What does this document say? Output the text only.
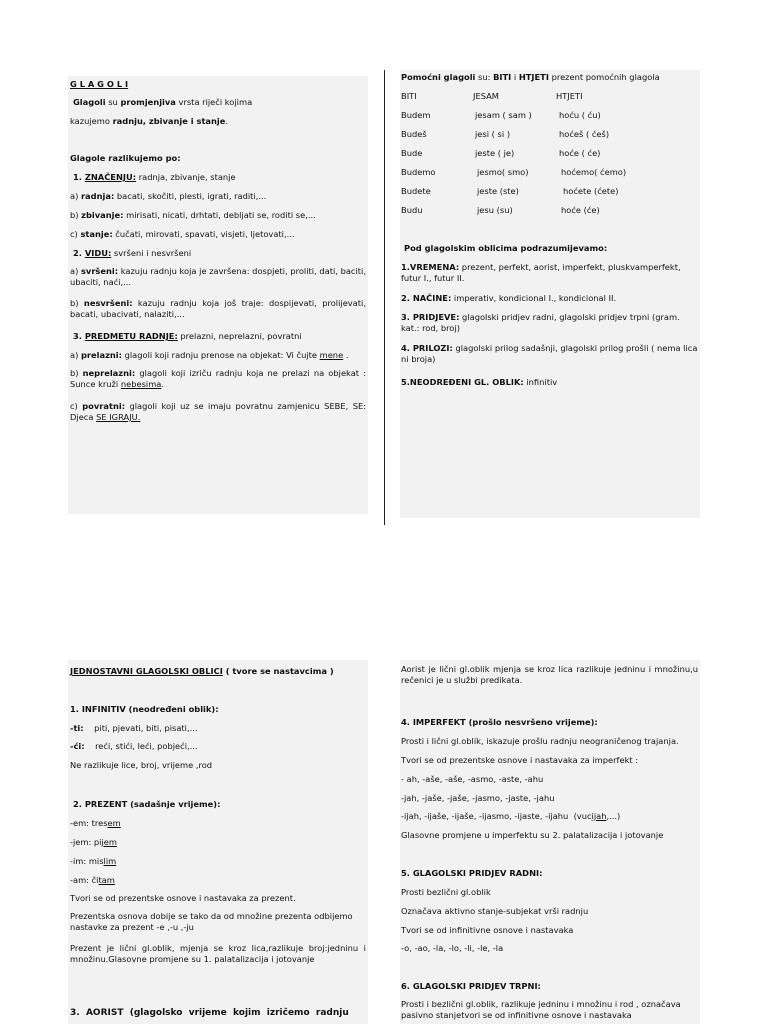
G L A G O L I
Glagoli su promjenjiva vrsta riječi kojima
kazujemo radnju, zbivanje i stanje.
Glagole razlikujemo po:
1. ZNAČENJU: radnja, zbivanje, stanje
a) radnja: bacati, skočiti, plesti, igrati, raditi,...
b) zbivanje: mirisati, nicati, drhtati, debljati se, roditi se,...
c) stanje: čučati, mirovati, spavati, visjeti, ljetovati,...
2. VIDU: svršeni i nesvršeni
a) svršeni: kazuju radnju koja je završena: dospjeti, proliti, dati, baciti, ubaciti, naći,...
b) nesvršeni: kazuju radnju koja još traje: dospijevati, prolijevati, bacati, ubacivati, nalaziti,...
3. PREDMETU RADNJE: prelazni, neprelazni, povratni
a) prelazni: glagoli koji radnju prenose na objekat: Vi čujte mene .
b) neprelazni: glagoli koji izriču radnju koja ne prelazi na objekat : Sunce kruži nebesima.
c) povratni: glagoli koji uz se imaju povratnu zamjenicu SEBE, SE: Djeca SE IGRAJU.
Pomoćni glagoli su: BITI i HTJETI prezent pomoćnih glagola
BITI	JESAM	HTJETI
Budem	jesam ( sam )	hoću ( ću)
Budeš	jesi ( si )	hoćeš ( ćeš)
Bude	jeste ( je)	hoće ( će)
Budemo	jesmo( smo)	hoćemo( ćemo)
Budete	jeste (ste)	hoćete (ćete)
Budu	jesu (su)	hoće (će)
Pod glagolskim oblicima podrazumijevamo:
1.VREMENA: prezent, perfekt, aorist, imperfekt, pluskvamperfekt, futur I., futur II.
2. NAČINE: imperativ, kondicional I., kondicional II.
3. PRIDJEVE: glagolski pridjev radni, glagolski pridjev trpni (gram. kat.: rod, broj)
4. PRILOZI: glagolski prilog sadašnji, glagolski prilog prošli ( nema lica ni broja)
5.NEODREĐENI GL. OBLIK: infinitiv
JEDNOSTAVNI GLAGOLSKI OBLICI ( tvore se nastavcima )
1. INFINITIV (neodređeni oblik):
-ti:    piti, pjevati, biti, pisati,...
-ći:    reći, stići, leći, pobjeći,...
Ne razlikuje lice, broj, vrijeme ,rod
2. PREZENT (sadašnje vrijeme):
-em: tresem
-jem: pijem
-im: mislim
-am: čitam
Tvori se od prezentske osnove i nastavaka za prezent.
Prezentska osnova dobije se tako da od množine prezenta odbijemo nastavke za prezent -e ,-u ,-ju
Prezent je lični gl.oblik, mjenja se kroz lica,razlikuje broj:jedninu i množinu.Glasovne promjene su 1. palatalizacija i jotovanje
3.  AORIST  (glagolsko  vrijeme  kojim  izričemo  radnju
Aorist je lični gl.oblik mjenja se kroz lica razlikuje jedninu i množinu,u rečenici je u službi predikata.
4. IMPERFEKT (prošlo nesvršeno vrijeme):
Prosti i lični gl.oblik, iskazuje prošlu radnju neograničenog trajanja.
Tvori se od prezentske osnove i nastavaka za imperfekt :
- ah, -aše, -aše, -asmo, -aste, -ahu
-jah, -jaše, -jaše, -jasmo, -jaste, -jahu
-ijah, -ijaše, -ijaše, -ijasmo, -ijaste, -ijahu  (vucijah,...)
Glasovne promjene u imperfektu su 2. palatalizacija i jotovanje
5. GLAGOLSKI PRIDJEV RADNI:
Prosti bezlični gl.oblik
Označava aktivno stanje-subjekat vrši radnju
Tvori se od infinitivne osnove i nastavaka
-o, -ao, -la, -lo, -li, -le, -la
6. GLAGOLSKI PRIDJEV TRPNI:
Prosti i bezlični gl.oblik, razlikuje jedninu i množinu i rod , označava pasivno stanjetvori se od infinitivne osnove i nastavaka
